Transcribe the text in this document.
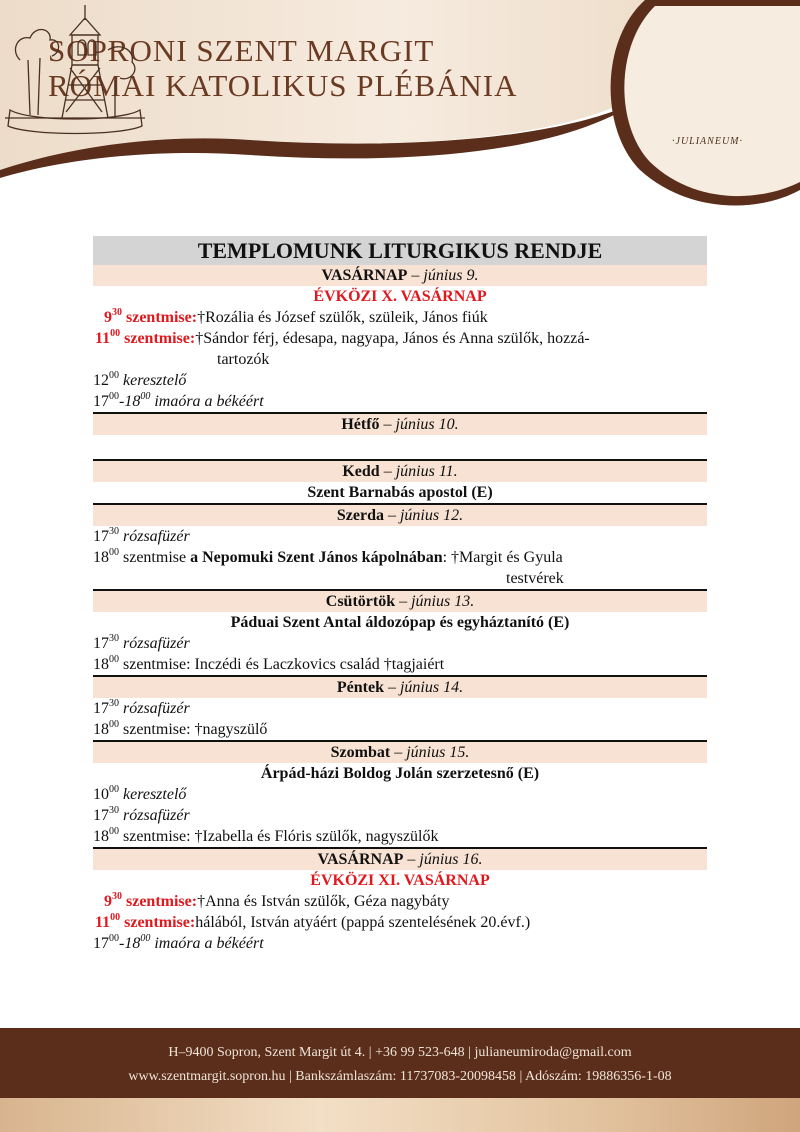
SOPRONI SZENT MARGIT
RÓMAI KATOLIKUS PLÉBÁNIA
·JULIANEUM·
TEMPLOMUNK LITURGIKUS RENDJE
VASÁRNAP – június 9.
ÉVKÖZI X. VASÁRNAP
$9^{30}$ szentmise: †Rozália és József szülők, szüleik, János fiúk
$11^{00}$ szentmise: †Sándor férj, édesapa, nagyapa, János és Anna szülők, hozzá-
tartozók
$12^{00}$ keresztelő
$17^{00}-18^{00}$ imaóra a békéért
Hétfő – június 10.
Kedd – június 11.
Szent Barnabás apostol (E)
Szerda – június 12.
$17^{30}$ rózsafüzér
$18^{00}$ szentmise a Nepomuki Szent János kápolnában: †Margit és Gyula
testvérek
Csütörtök – június 13.
Páduai Szent Antal áldozópap és egyháztanító (E)
$17^{30}$ rózsafüzér
$18^{00}$ szentmise: Inczédi és Laczkovics család †tagjaiért
Péntek – június 14.
$17^{30}$ rózsafüzér
$18^{00}$ szentmise: †nagyszülő
Szombat – június 15.
Árpád-házi Boldog Jolán szerzetesnő (E)
$10^{00}$ keresztelő
$17^{30}$ rózsafüzér
$18^{00}$ szentmise: †Izabella és Flóris szülők, nagyszülők
VASÁRNAP – június 16.
ÉVKÖZI XI. VASÁRNAP
$9^{30}$ szentmise: †Anna és István szülők, Géza nagybáty
$11^{00}$ szentmise: hálából, István atyáért (pappá szentelésének 20.évf.)
$17^{00}-18^{00}$ imaóra a békéért
H–9400 Sopron, Szent Margit út 4. | +36 99 523-648 | julianeumiroda@gmail.com
www.szentmargit.sopron.hu | Bankszámlaszám: 11737083-20098458 | Adószám: 19886356-1-08
